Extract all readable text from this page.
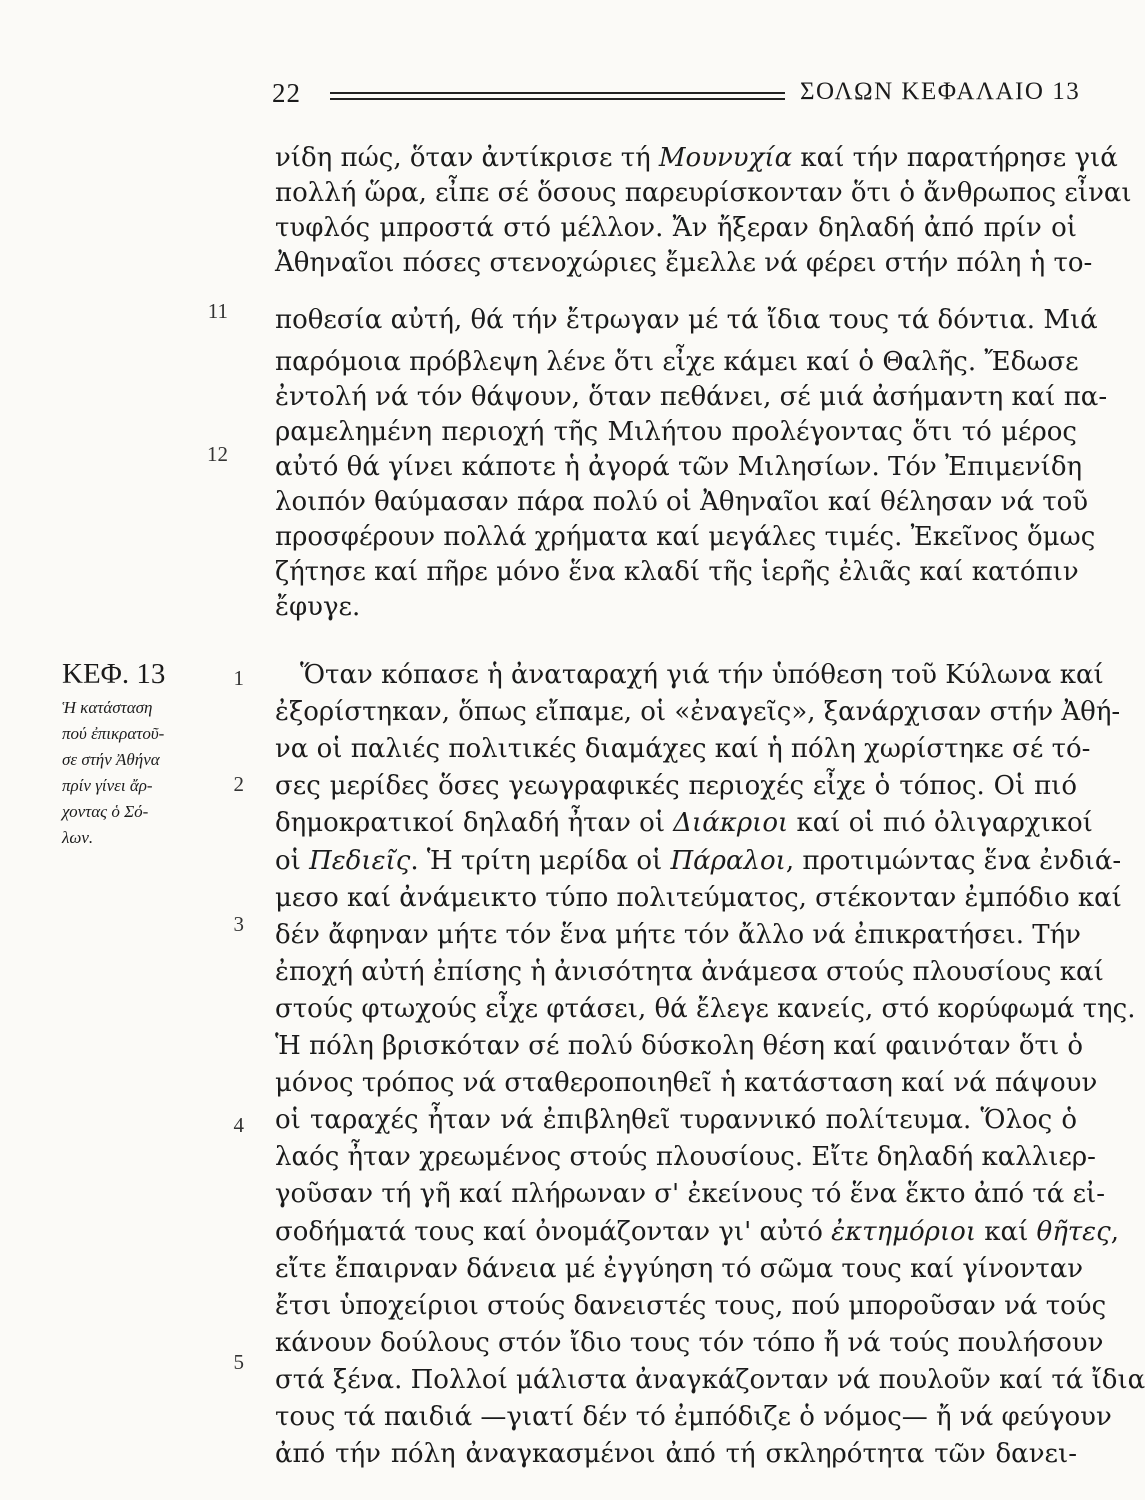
22	ΣΟΛΩΝ ΚΕΦΑΛΑΙΟ 13
νίδη πώς, ὅταν ἀντίκρισε τή Μουνυχία καί τήν παρατήρησε γιά
πολλή ὥρα, εἶπε σέ ὅσους παρευρίσκονταν ὅτι ὁ ἄνθρωπος εἶναι
τυφλός μπροστά στό μέλλον. Ἄν ἤξεραν δηλαδή ἀπό πρίν οἱ
Ἀθηναῖοι πόσες στενοχώριες ἔμελλε νά φέρει στήν πόλη ἡ το-
ποθεσία αὐτή, θά τήν ἔτρωγαν μέ τά ἴδια τους τά δόντια. Μιά
παρόμοια πρόβλεψη λένε ὅτι εἶχε κάμει καί ὁ Θαλῆς. Ἔδωσε
ἐντολή νά τόν θάψουν, ὅταν πεθάνει, σέ μιά ἀσήμαντη καί πα-
ραμελημένη περιοχή τῆς Μιλήτου προλέγοντας ὅτι τό μέρος
αὐτό θά γίνει κάποτε ἡ ἀγορά τῶν Μιλησίων. Τόν Ἐπιμενίδη
λοιπόν θαύμασαν πάρα πολύ οἱ Ἀθηναῖοι καί θέλησαν νά τοῦ
προσφέρουν πολλά χρήματα καί μεγάλες τιμές. Ἐκεῖνος ὅμως
ζήτησε καί πῆρε μόνο ἕνα κλαδί τῆς ἱερῆς ἐλιᾶς καί κατόπιν
ἔφυγε.
11
12
ΚΕΦ. 13
Ἡ κατάσταση
πού ἐπικρατοῦ-
σε στήν Ἀθήνα
πρίν γίνει ἄρ-
χοντας ὁ Σό-
λων.
1
2
3
4
5
Ὅταν κόπασε ἡ ἀναταραχή γιά τήν ὑπόθεση τοῦ Κύλωνα καί
ἐξορίστηκαν, ὅπως εἴπαμε, οἱ «ἐναγεῖς», ξανάρχισαν στήν Ἀθή-
να οἱ παλιές πολιτικές διαμάχες καί ἡ πόλη χωρίστηκε σέ τό-
σες μερίδες ὅσες γεωγραφικές περιοχές εἶχε ὁ τόπος. Οἱ πιό
δημοκρατικοί δηλαδή ἦταν οἱ Διάκριοι καί οἱ πιό ὀλιγαρχικοί
οἱ Πεδιεῖς. Ἡ τρίτη μερίδα οἱ Πάραλοι, προτιμώντας ἕνα ἐνδιά-
μεσο καί ἀνάμεικτο τύπο πολιτεύματος, στέκονταν ἐμπόδιο καί
δέν ἄφηναν μήτε τόν ἕνα μήτε τόν ἄλλο νά ἐπικρατήσει. Τήν
ἐποχή αὐτή ἐπίσης ἡ ἀνισότητα ἀνάμεσα στούς πλουσίους καί
στούς φτωχούς εἶχε φτάσει, θά ἔλεγε κανείς, στό κορύφωμά της.
Ἡ πόλη βρισκόταν σέ πολύ δύσκολη θέση καί φαινόταν ὅτι ὁ
μόνος τρόπος νά σταθεροποιηθεῖ ἡ κατάσταση καί νά πάψουν
οἱ ταραχές ἦταν νά ἐπιβληθεῖ τυραννικό πολίτευμα. Ὅλος ὁ
λαός ἦταν χρεωμένος στούς πλουσίους. Εἴτε δηλαδή καλλιερ-
γοῦσαν τή γῆ καί πλήρωναν σ' ἐκείνους τό ἕνα ἕκτο ἀπό τά εἰ-
σοδήματά τους καί ὀνομάζονταν γι' αὐτό ἐκτημόριοι καί θῆτες,
εἴτε ἔπαιρναν δάνεια μέ ἐγγύηση τό σῶμα τους καί γίνονταν
ἔτσι ὑποχείριοι στούς δανειστές τους, πού μποροῦσαν νά τούς
κάνουν δούλους στόν ἴδιο τους τόν τόπο ἤ νά τούς πουλήσουν
στά ξένα. Πολλοί μάλιστα ἀναγκάζονταν νά πουλοῦν καί τά ἴδια
τους τά παιδιά —γιατί δέν τό ἐμπόδιζε ὁ νόμος— ἤ νά φεύγουν
ἀπό τήν πόλη ἀναγκασμένοι ἀπό τή σκληρότητα τῶν δανει-
